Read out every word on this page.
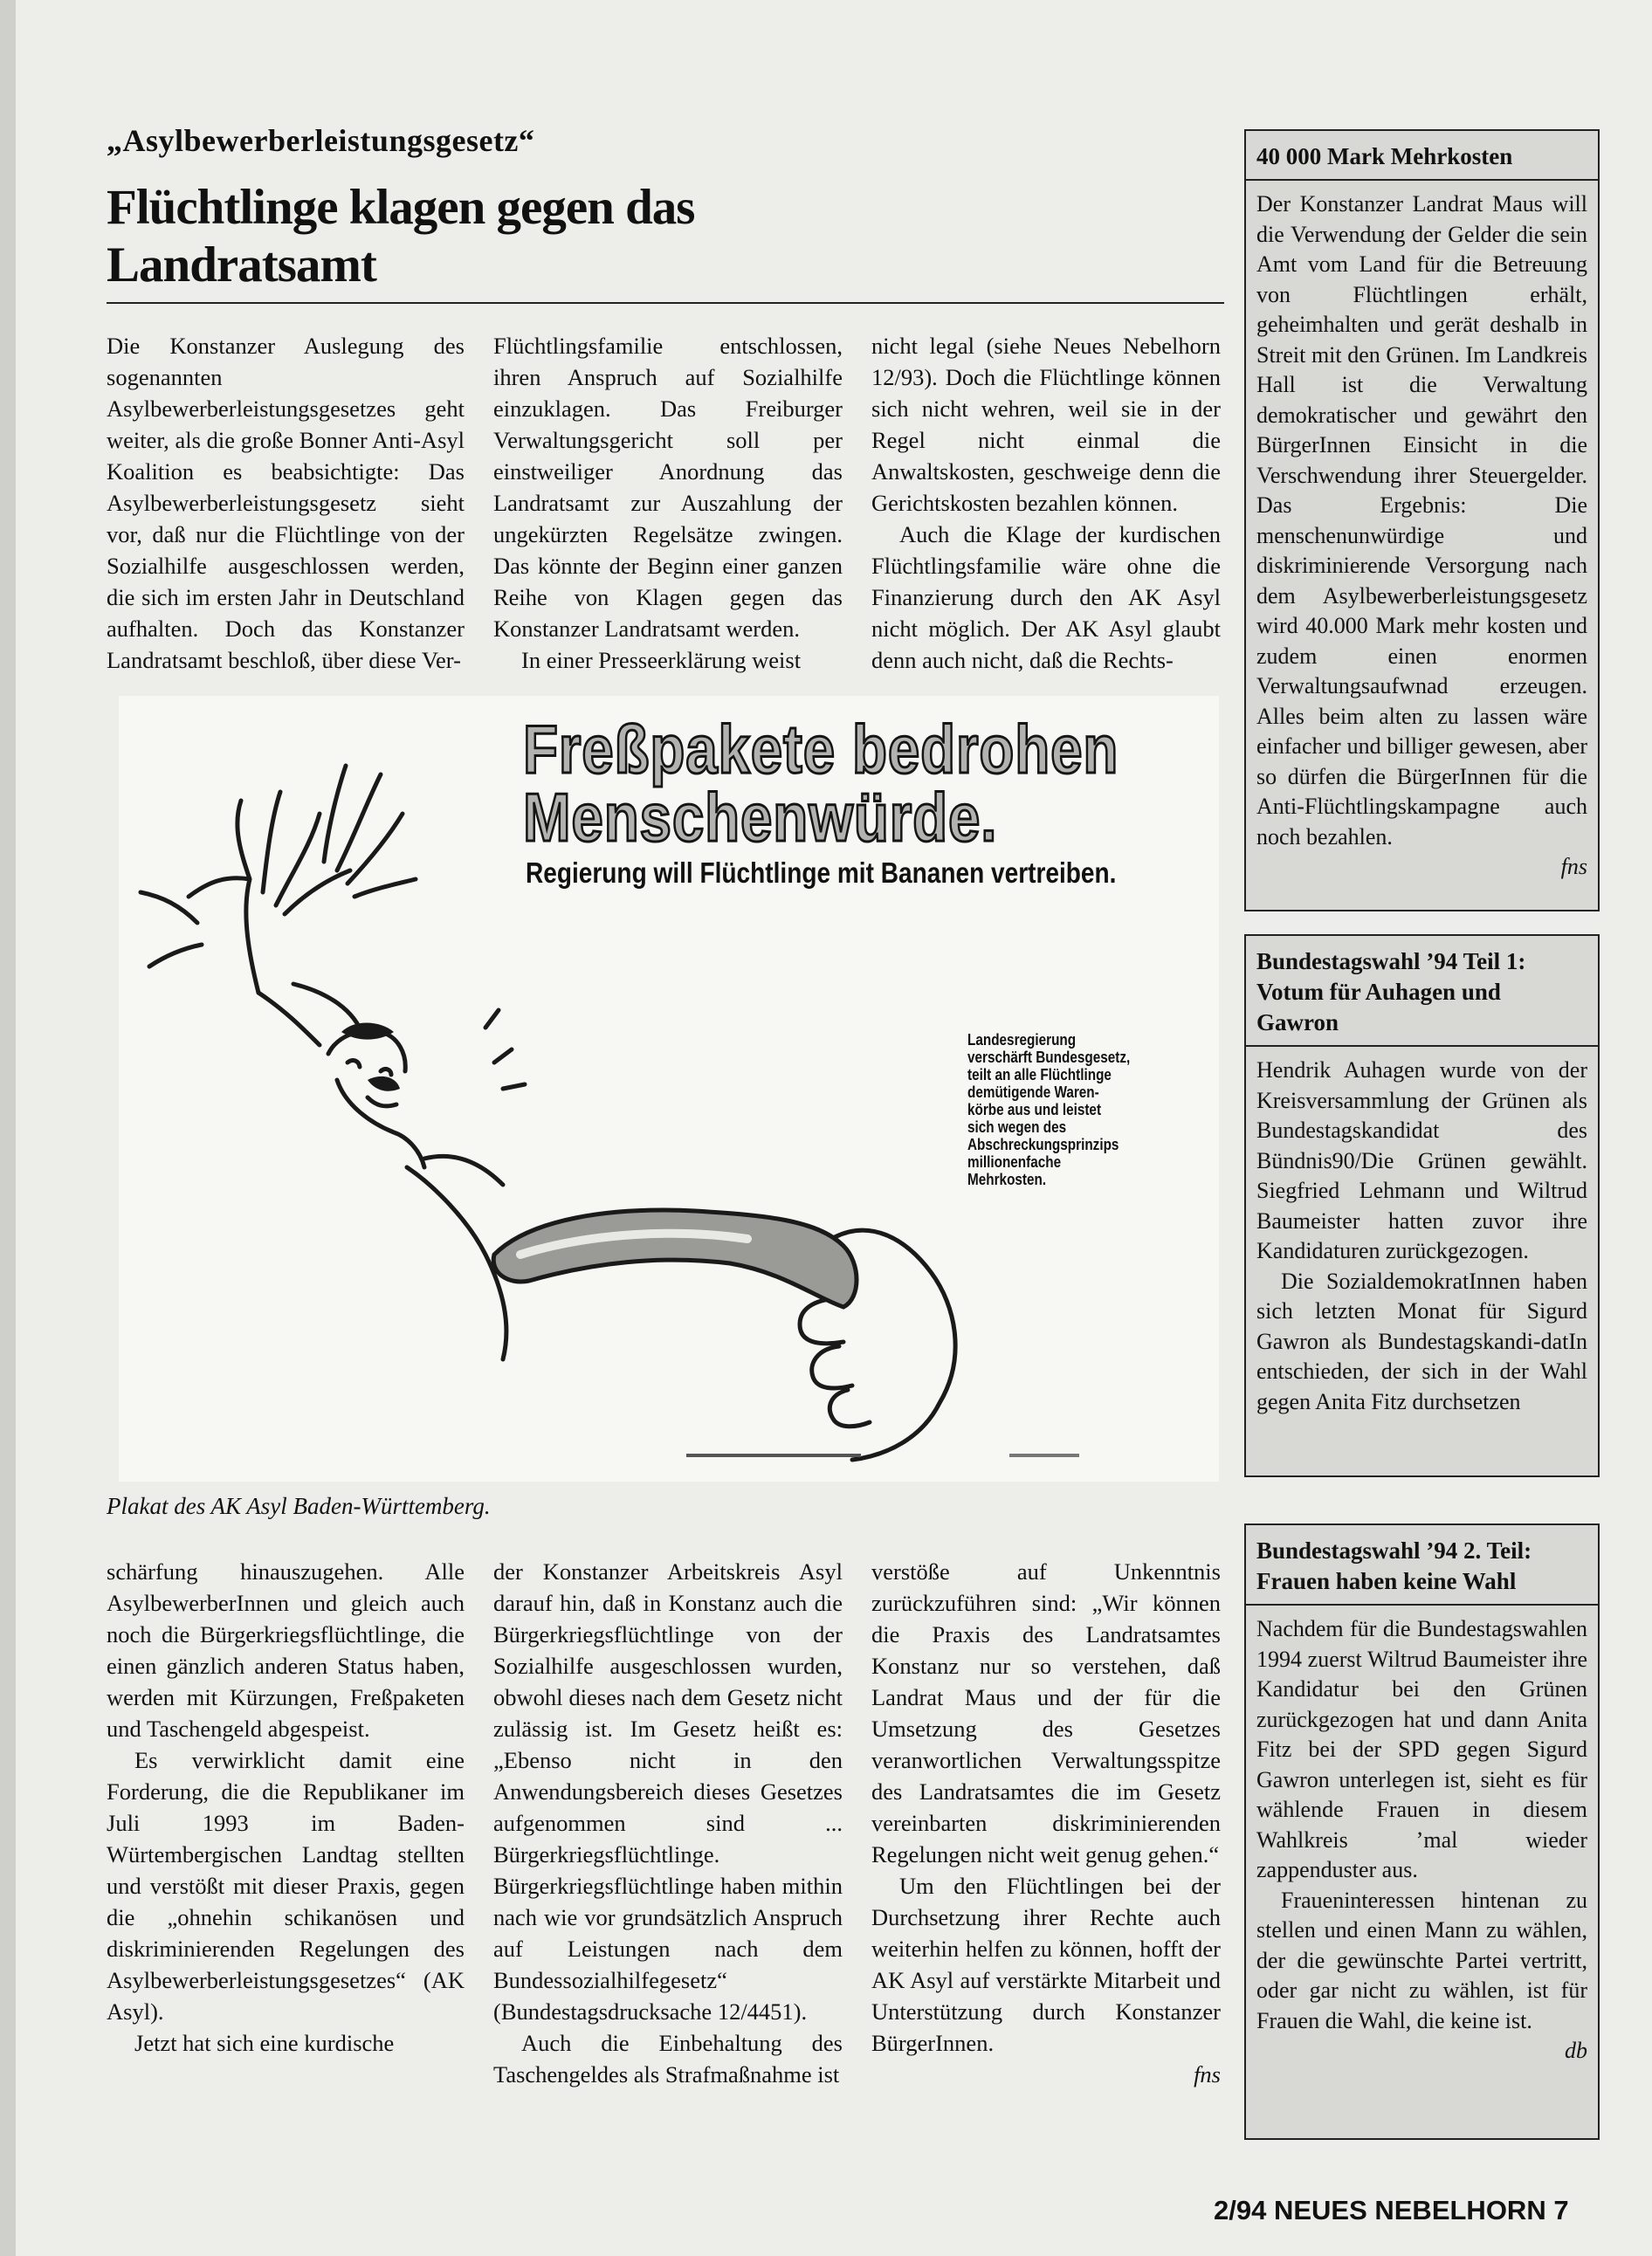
„Asylbewerberleistungsgesetz“
Flüchtlinge klagen gegen das Landratsamt

Die Konstanzer Auslegung des sogenannten Asylbewerberleistungsgesetzes geht weiter, als die große Bonner Anti-Asyl Koalition es beabsichtigte: Das Asylbewerberleistungsgesetz sieht vor, daß nur die Flüchtlinge von der Sozialhilfe ausgeschlossen werden, die sich im ersten Jahr in Deutschland aufhalten. Doch das Konstanzer Landratsamt beschloß, über diese Ver-

Flüchtlingsfamilie entschlossen, ihren Anspruch auf Sozialhilfe einzuklagen. Das Freiburger Verwaltungsgericht soll per einstweiliger Anordnung das Landratsamt zur Auszahlung der ungekürzten Regelsätze zwingen. Das könnte der Beginn einer ganzen Reihe von Klagen gegen das Konstanzer Landratsamt werden.

In einer Presseerklärung weist

nicht legal (siehe Neues Nebelhorn 12/93). Doch die Flüchtlinge können sich nicht wehren, weil sie in der Regel nicht einmal die Anwaltskosten, geschweige denn die Gerichtskosten bezahlen können.

Auch die Klage der kurdischen Flüchtlingsfamilie wäre ohne die Finanzierung durch den AK Asyl nicht möglich. Der AK Asyl glaubt denn auch nicht, daß die Rechts-

Freßpakete bedrohen
Menschenwürde.
Regierung will Flüchtlinge mit Bananen vertreiben.
Landesregierung
verschärft Bundesgesetz,
teilt an alle Flüchtlinge
demütigende Waren-
körbe aus und leistet
sich wegen des
Abschreckungsprinzips
millionenfache
Mehrkosten.
Plakat des AK Asyl Baden-Württemberg.

schärfung hinauszugehen. Alle AsylbewerberInnen und gleich auch noch die Bürgerkriegsflüchtlinge, die einen gänzlich anderen Status haben, werden mit Kürzungen, Freßpaketen und Taschengeld abgespeist.

Es verwirklicht damit eine Forderung, die die Republikaner im Juli 1993 im Baden-Würtembergischen Landtag stellten und verstößt mit dieser Praxis, gegen die „ohnehin schikanösen und diskriminierenden Regelungen des Asylbewerberleistungsgesetzes“ (AK Asyl).

Jetzt hat sich eine kurdische

der Konstanzer Arbeitskreis Asyl darauf hin, daß in Konstanz auch die Bürgerkriegsflüchtlinge von der Sozialhilfe ausgeschlossen wurden, obwohl dieses nach dem Gesetz nicht zulässig ist. Im Gesetz heißt es: „Ebenso nicht in den Anwendungsbereich dieses Gesetzes aufgenommen sind ... Bürgerkriegsflüchtlinge. Bürgerkriegsflüchtlinge haben mithin nach wie vor grundsätzlich Anspruch auf Leistungen nach dem Bundessozialhilfegesetz“ (Bundestagsdrucksache 12/4451).

Auch die Einbehaltung des Taschengeldes als Strafmaßnahme ist

verstöße auf Unkenntnis zurückzuführen sind: „Wir können die Praxis des Landratsamtes Konstanz nur so verstehen, daß Landrat Maus und der für die Umsetzung des Gesetzes veranwortlichen Verwaltungsspitze des Landratsamtes die im Gesetz vereinbarten diskriminierenden Regelungen nicht weit genug gehen.“

Um den Flüchtlingen bei der Durchsetzung ihrer Rechte auch weiterhin helfen zu können, hofft der AK Asyl auf verstärkte Mitarbeit und Unterstützung durch Konstanzer BürgerInnen.

fns

40 000 Mark Mehrkosten

Der Konstanzer Landrat Maus will die Verwendung der Gelder die sein Amt vom Land für die Betreuung von Flüchtlingen erhält, geheimhalten und gerät deshalb in Streit mit den Grünen. Im Landkreis Hall ist die Verwaltung demokratischer und gewährt den BürgerInnen Einsicht in die Verschwendung ihrer Steuergelder. Das Ergebnis: Die menschenunwürdige und diskriminierende Versorgung nach dem Asylbewerberleistungsgesetz wird 40.000 Mark mehr kosten und zudem einen enormen Verwaltungsaufwnad erzeugen. Alles beim alten zu lassen wäre einfacher und billiger gewesen, aber so dürfen die BürgerInnen für die Anti-Flüchtlingskampagne auch noch bezahlen.

fns

Bundestagswahl ’94 Teil 1: Votum für Auhagen und Gawron

Hendrik Auhagen wurde von der Kreisversammlung der Grünen als Bundestagskandidat des Bündnis90/Die Grünen gewählt. Siegfried Lehmann und Wiltrud Baumeister hatten zuvor ihre Kandidaturen zurückgezogen.

Die SozialdemokratInnen haben sich letzten Monat für Sigurd Gawron als Bundestagskandi-datIn entschieden, der sich in der Wahl gegen Anita Fitz durchsetzen

Bundestagswahl ’94 2. Teil: Frauen haben keine Wahl

Nachdem für die Bundestagswahlen 1994 zuerst Wiltrud Baumeister ihre Kandidatur bei den Grünen zurückgezogen hat und dann Anita Fitz bei der SPD gegen Sigurd Gawron unterlegen ist, sieht es für wählende Frauen in diesem Wahlkreis ’mal wieder zappenduster aus.

Fraueninteressen hintenan zu stellen und einen Mann zu wählen, der die gewünschte Partei vertritt, oder gar nicht zu wählen, ist für Frauen die Wahl, die keine ist.

db

2/94 NEUES NEBELHORN 7
